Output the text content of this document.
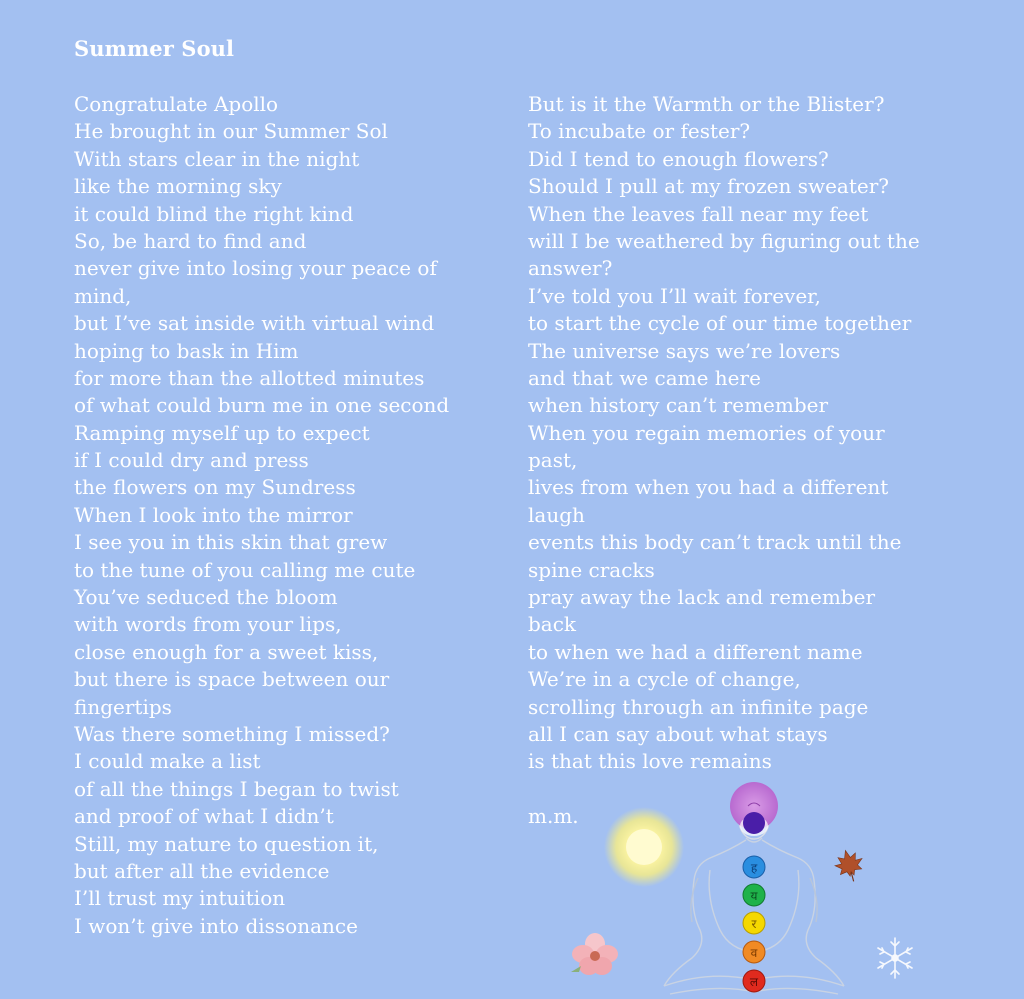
Summer Soul
Congratulate Apollo
He brought in our Summer Sol
With stars clear in the night
like the morning sky
it could blind the right kind
So, be hard to find and
never give into losing your peace of
mind,
but I’ve sat inside with virtual wind
hoping to bask in Him
for more than the allotted minutes
of what could burn me in one second
Ramping myself up to expect
if I could dry and press
the flowers on my Sundress
When I look into the mirror
I see you in this skin that grew
to the tune of you calling me cute
You’ve seduced the bloom
with words from your lips,
close enough for a sweet kiss,
but there is space between our
fingertips
Was there something I missed?
I could make a list
of all the things I began to twist
and proof of what I didn’t
Still, my nature to question it,
but after all the evidence
I’ll trust my intuition
I won’t give into dissonance
But is it the Warmth or the Blister?
To incubate or fester?
Did I tend to enough flowers?
Should I pull at my frozen sweater?
When the leaves fall near my feet
will I be weathered by figuring out the
answer?
I’ve told you I’ll wait forever,
to start the cycle of our time together
The universe says we’re lovers
and that we came here
when history can’t remember
When you regain memories of your
past,
lives from when you had a different
laugh
events this body can’t track until the
spine cracks
pray away the lack and remember
back
to when we had a different name
We’re in a cycle of change,
scrolling through an infinite page
all I can say about what stays
is that this love remains
m.m.
ह
य
र
व
ल
